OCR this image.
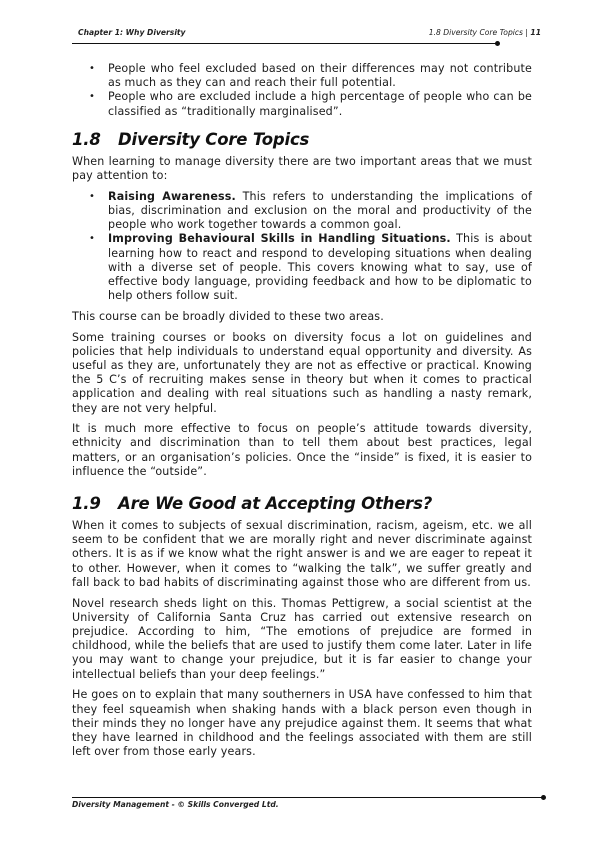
Chapter 1: Why Diversity	1.8 Diversity Core Topics | 11
• People who feel excluded based on their differences may not contribute as much as they can and reach their full potential.
• People who are excluded include a high percentage of people who can be classified as “traditionally marginalised”.
1.8 Diversity Core Topics

When learning to manage diversity there are two important areas that we must pay attention to:

• Raising Awareness. This refers to understanding the implications of bias, discrimination and exclusion on the moral and productivity of the people who work together towards a common goal.
• Improving Behavioural Skills in Handling Situations. This is about learning how to react and respond to developing situations when dealing with a diverse set of people. This covers knowing what to say, use of effective body language, providing feedback and how to be diplomatic to help others follow suit.

This course can be broadly divided to these two areas.

Some training courses or books on diversity focus a lot on guidelines and policies that help individuals to understand equal opportunity and diversity. As useful as they are, unfortunately they are not as effective or practical. Knowing the 5 C’s of recruiting makes sense in theory but when it comes to practical application and dealing with real situations such as handling a nasty remark, they are not very helpful.

It is much more effective to focus on people’s attitude towards diversity, ethnicity and discrimination than to tell them about best practices, legal matters, or an organisation’s policies. Once the “inside” is fixed, it is easier to influence the “outside”.

1.9 Are We Good at Accepting Others?

When it comes to subjects of sexual discrimination, racism, ageism, etc. we all seem to be confident that we are morally right and never discriminate against others. It is as if we know what the right answer is and we are eager to repeat it to other. However, when it comes to “walking the talk”, we suffer greatly and fall back to bad habits of discriminating against those who are different from us.

Novel research sheds light on this. Thomas Pettigrew, a social scientist at the University of California Santa Cruz has carried out extensive research on prejudice. According to him, “The emotions of prejudice are formed in childhood, while the beliefs that are used to justify them come later. Later in life you may want to change your prejudice, but it is far easier to change your intellectual beliefs than your deep feelings.”

He goes on to explain that many southerners in USA have confessed to him that they feel squeamish when shaking hands with a black person even though in their minds they no longer have any prejudice against them. It seems that what they have learned in childhood and the feelings associated with them are still left over from those early years.

Diversity Management - © Skills Converged Ltd.
